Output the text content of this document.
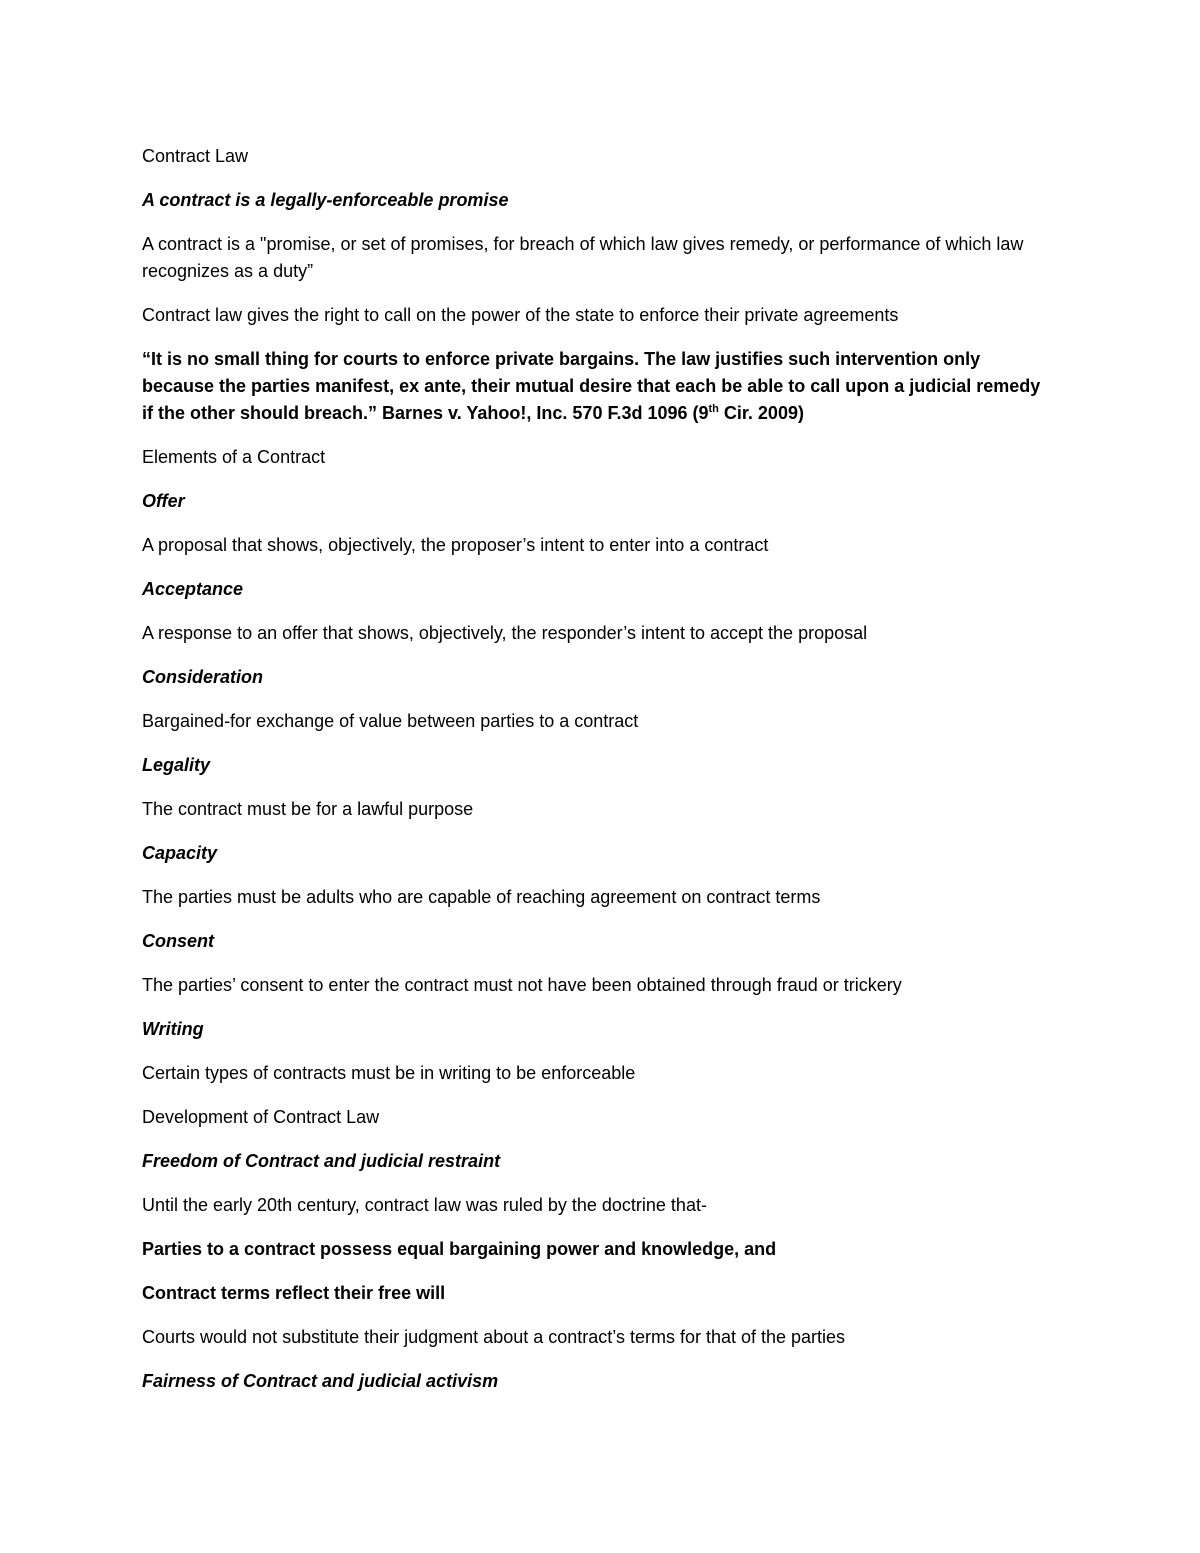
Contract Law

A contract is a legally-enforceable promise

A contract is a "promise, or set of promises, for breach of which law gives remedy, or performance of which law recognizes as a duty”

Contract law gives the right to call on the power of the state to enforce their private agreements

“It is no small thing for courts to enforce private bargains. The law justifies such intervention only because the parties manifest, ex ante, their mutual desire that each be able to call upon a judicial remedy if the other should breach.” Barnes v. Yahoo!, Inc. 570 F.3d 1096 (9th Cir. 2009)

Elements of a Contract

Offer

A proposal that shows, objectively, the proposer’s intent to enter into a contract

Acceptance

A response to an offer that shows, objectively, the responder’s intent to accept the proposal

Consideration

Bargained-for exchange of value between parties to a contract

Legality

The contract must be for a lawful purpose

Capacity

The parties must be adults who are capable of reaching agreement on contract terms

Consent

The parties’ consent to enter the contract must not have been obtained through fraud or trickery

Writing

Certain types of contracts must be in writing to be enforceable

Development of Contract Law

Freedom of Contract and judicial restraint

Until the early 20th century, contract law was ruled by the doctrine that-

Parties to a contract possess equal bargaining power and knowledge, and

Contract terms reflect their free will

Courts would not substitute their judgment about a contract’s terms for that of the parties

Fairness of Contract and judicial activism
